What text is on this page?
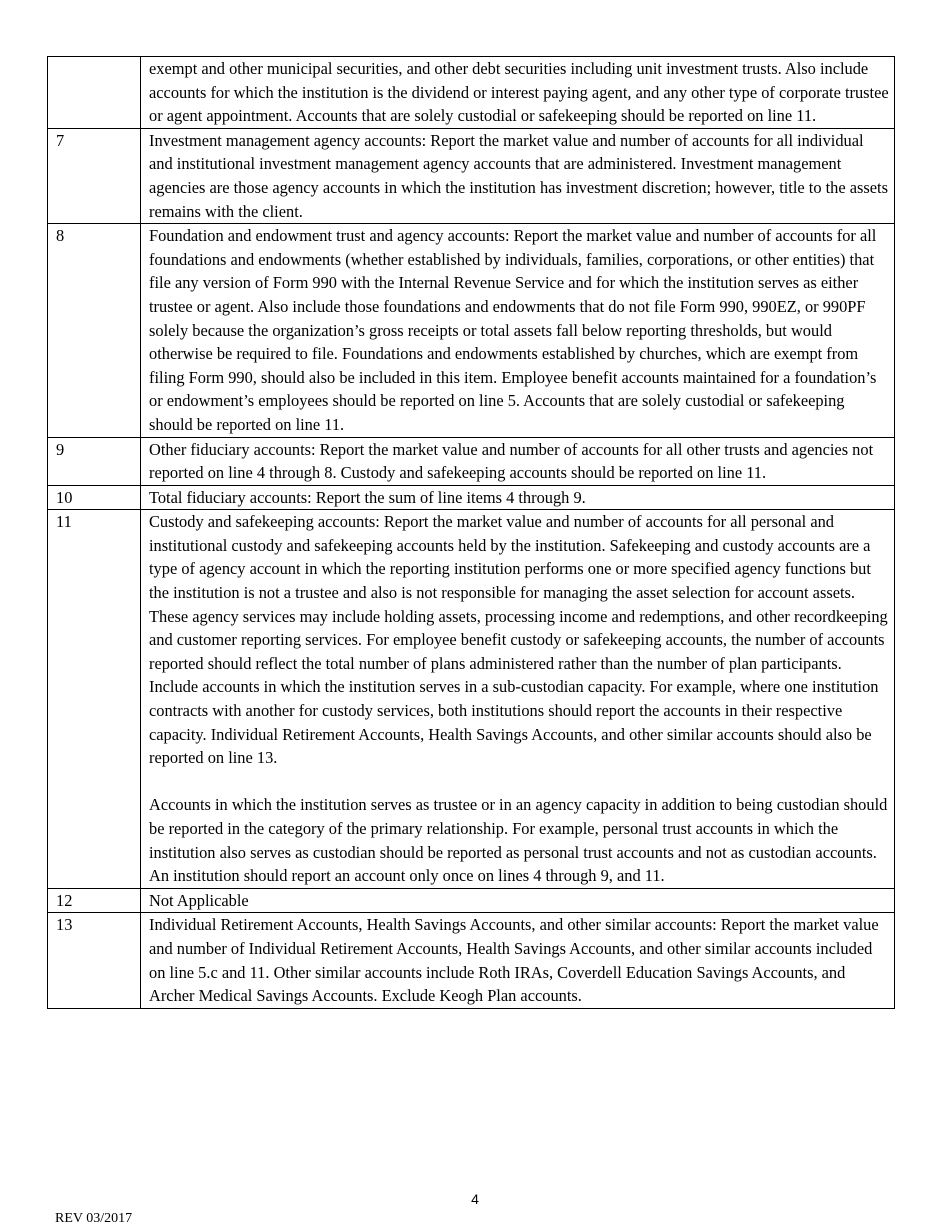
	exempt and other municipal securities, and other debt securities including unit investment trusts. Also include accounts for which the institution is the dividend or interest paying agent, and any other type of corporate trustee or agent appointment. Accounts that are solely custodial or safekeeping should be reported on line 11.

7	Investment management agency accounts: Report the market value and number of accounts for all individual and institutional investment management agency accounts that are administered. Investment management agencies are those agency accounts in which the institution has investment discretion; however, title to the assets remains with the client.

8	Foundation and endowment trust and agency accounts: Report the market value and number of accounts for all foundations and endowments (whether established by individuals, families, corporations, or other entities) that file any version of Form 990 with the Internal Revenue Service and for which the institution serves as either trustee or agent. Also include those foundations and endowments that do not file Form 990, 990EZ, or 990PF solely because the organization’s gross receipts or total assets fall below reporting thresholds, but would otherwise be required to file. Foundations and endowments established by churches, which are exempt from filing Form 990, should also be included in this item. Employee benefit accounts maintained for a foundation’s or endowment’s employees should be reported on line 5. Accounts that are solely custodial or safekeeping should be reported on line 11.

9	Other fiduciary accounts: Report the market value and number of accounts for all other trusts and agencies not reported on line 4 through 8. Custody and safekeeping accounts should be reported on line 11.

10	Total fiduciary accounts: Report the sum of line items 4 through 9.

11	Custody and safekeeping accounts: Report the market value and number of accounts for all personal and institutional custody and safekeeping accounts held by the institution. Safekeeping and custody accounts are a type of agency account in which the reporting institution performs one or more specified agency functions but the institution is not a trustee and also is not responsible for managing the asset selection for account assets. These agency services may include holding assets, processing income and redemptions, and other recordkeeping and customer reporting services. For employee benefit custody or safekeeping accounts, the number of accounts reported should reflect the total number of plans administered rather than the number of plan participants. Include accounts in which the institution serves in a sub-custodian capacity. For example, where one institution contracts with another for custody services, both institutions should report the accounts in their respective capacity. Individual Retirement Accounts, Health Savings Accounts, and other similar accounts should also be reported on line 13.
Accounts in which the institution serves as trustee or in an agency capacity in addition to being custodian should be reported in the category of the primary relationship. For example, personal trust accounts in which the institution also serves as custodian should be reported as personal trust accounts and not as custodian accounts. An institution should report an account only once on lines 4 through 9, and 11.

12	Not Applicable

13	Individual Retirement Accounts, Health Savings Accounts, and other similar accounts: Report the market value and number of Individual Retirement Accounts, Health Savings Accounts, and other similar accounts included on line 5.c and 11. Other similar accounts include Roth IRAs, Coverdell Education Savings Accounts, and Archer Medical Savings Accounts. Exclude Keogh Plan accounts.
4
REV 03/2017
